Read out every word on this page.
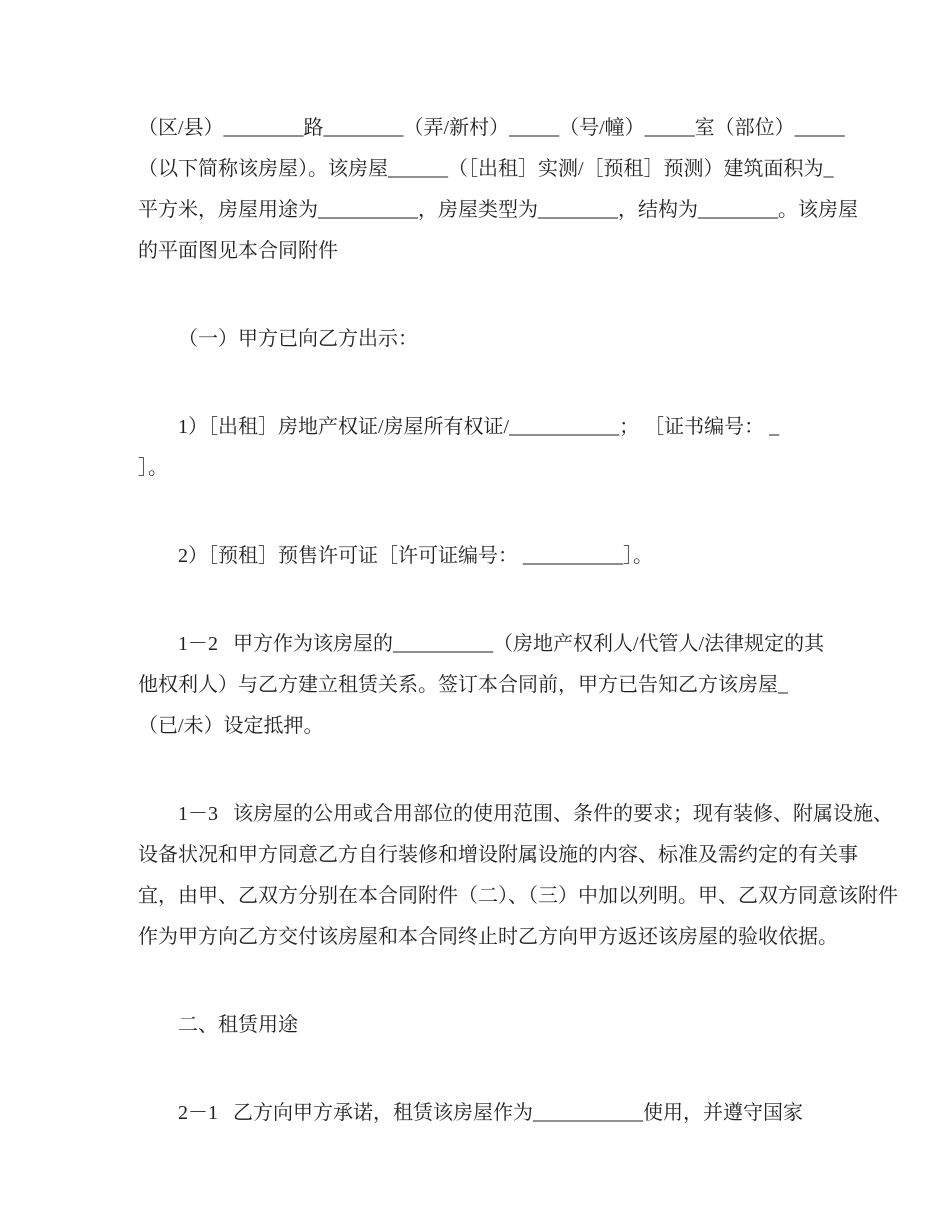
（区/县）________路________（弄/新村）_____（号/幢）_____室（部位）_____
（以下简称该房屋）。该房屋______（［出租］实测/［预租］预测）建筑面积为_
平方米，房屋用途为__________，房屋类型为________，结构为________。该房屋
的平面图见本合同附件
（一）甲方已向乙方出示：
1）［出租］房地产权证/房屋所有权证/___________； ［证书编号： _
］。
2）［预租］预售许可证［许可证编号： __________］。
1－2   甲方作为该房屋的__________（房地产权利人/代管人/法律规定的其
他权利人）与乙方建立租赁关系。签订本合同前，甲方已告知乙方该房屋_
（已/未）设定抵押。
1－3   该房屋的公用或合用部位的使用范围、条件的要求；现有装修、附属设施、
设备状况和甲方同意乙方自行装修和增设附属设施的内容、标准及需约定的有关事
宜，由甲、乙双方分别在本合同附件（二）、（三）中加以列明。甲、乙双方同意该附件
作为甲方向乙方交付该房屋和本合同终止时乙方向甲方返还该房屋的验收依据。
二、租赁用途
2－1   乙方向甲方承诺，租赁该房屋作为___________使用，并遵守国家
